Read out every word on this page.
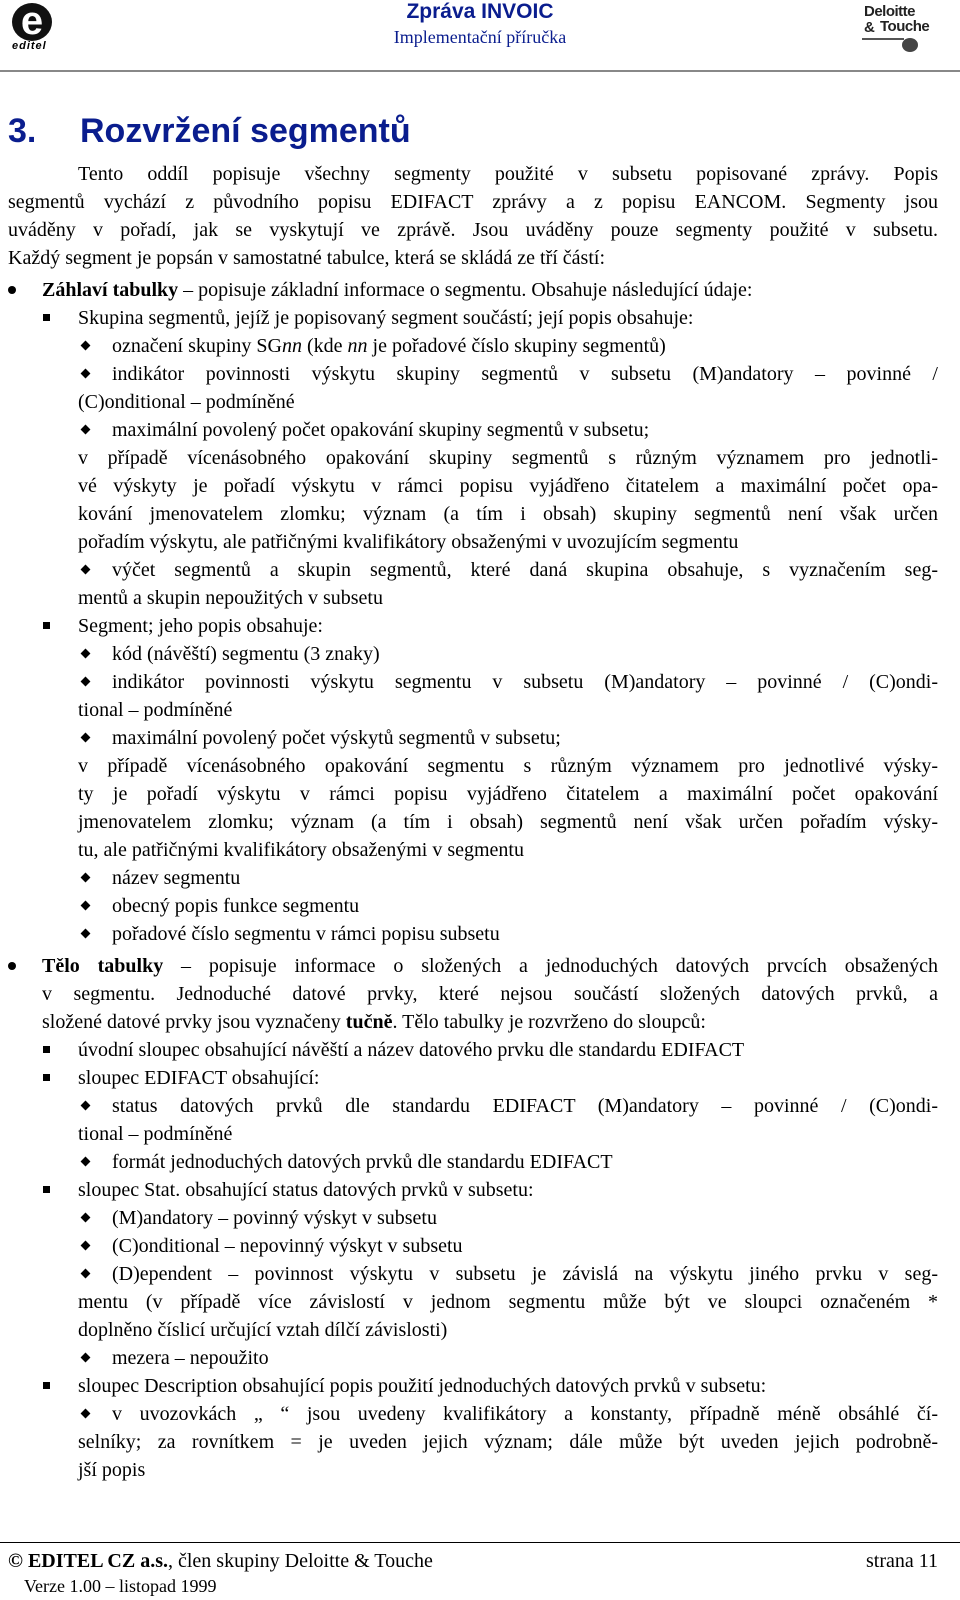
e
editel
Zpráva INVOIC
Implementační příručka
Deloitte & Touche
3. Rozvržení segmentů
Tento oddíl popisuje všechny segmenty použité v subsetu popisované zprávy. Popis
segmentů vychází z původního popisu EDIFACT zprávy a z popisu EANCOM. Segmenty jsou
uváděny v pořadí, jak se vyskytují ve zprávě. Jsou uváděny pouze segmenty použité v subsetu.
Každý segment je popsán v samostatné tabulce, která se skládá ze tří částí:
Záhlaví tabulky – popisuje základní informace o segmentu. Obsahuje následující údaje:
Skupina segmentů, jejíž je popisovaný segment součástí; její popis obsahuje:
označení skupiny SGnn (kde nn je pořadové číslo skupiny segmentů)
indikátor povinnosti výskytu skupiny segmentů v subsetu (M)andatory – povinné /
(C)onditional – podmíněné
maximální povolený počet opakování skupiny segmentů v subsetu;
v případě vícenásobného opakování skupiny segmentů s různým významem pro jednotli-
vé výskyty je pořadí výskytu v rámci popisu vyjádřeno čitatelem a maximální počet opa-
kování jmenovatelem zlomku; význam (a tím i obsah) skupiny segmentů není však určen
pořadím výskytu, ale patřičnými kvalifikátory obsaženými v uvozujícím segmentu
výčet segmentů a skupin segmentů, které daná skupina obsahuje, s vyznačením seg-
mentů a skupin nepoužitých v subsetu
Segment; jeho popis obsahuje:
kód (návěští) segmentu (3 znaky)
indikátor povinnosti výskytu segmentu v subsetu (M)andatory – povinné / (C)ondi-
tional – podmíněné
maximální povolený počet výskytů segmentů v subsetu;
v případě vícenásobného opakování segmentu s různým významem pro jednotlivé výsky-
ty je pořadí výskytu v rámci popisu vyjádřeno čitatelem a maximální počet opakování
jmenovatelem zlomku; význam (a tím i obsah) segmentů není však určen pořadím výsky-
tu, ale patřičnými kvalifikátory obsaženými v segmentu
název segmentu
obecný popis funkce segmentu
pořadové číslo segmentu v rámci popisu subsetu
Tělo tabulky – popisuje informace o složených a jednoduchých datových prvcích obsažených
v segmentu. Jednoduché datové prvky, které nejsou součástí složených datových prvků, a
složené datové prvky jsou vyznačeny tučně. Tělo tabulky je rozvrženo do sloupců:
úvodní sloupec obsahující návěští a název datového prvku dle standardu EDIFACT
sloupec EDIFACT obsahující:
status datových prvků dle standardu EDIFACT (M)andatory – povinné / (C)ondi-
tional – podmíněné
formát jednoduchých datových prvků dle standardu EDIFACT
sloupec Stat. obsahující status datových prvků v subsetu:
(M)andatory – povinný výskyt v subsetu
(C)onditional – nepovinný výskyt v subsetu
(D)ependent – povinnost výskytu v subsetu je závislá na výskytu jiného prvku v seg-
mentu (v případě více závislostí v jednom segmentu může být ve sloupci označeném *
doplněno číslicí určující vztah dílčí závislosti)
mezera – nepoužito
sloupec Description obsahující popis použití jednoduchých datových prvků v subsetu:
v uvozovkách „ “ jsou uvedeny kvalifikátory a konstanty, případně méně obsáhlé čí-
selníky; za rovnítkem = je uveden jejich význam; dále může být uveden jejich podrobně-
jší popis
© EDITEL CZ a.s., člen skupiny Deloitte & Touche	strana 11
Verze 1.00 – listopad 1999
